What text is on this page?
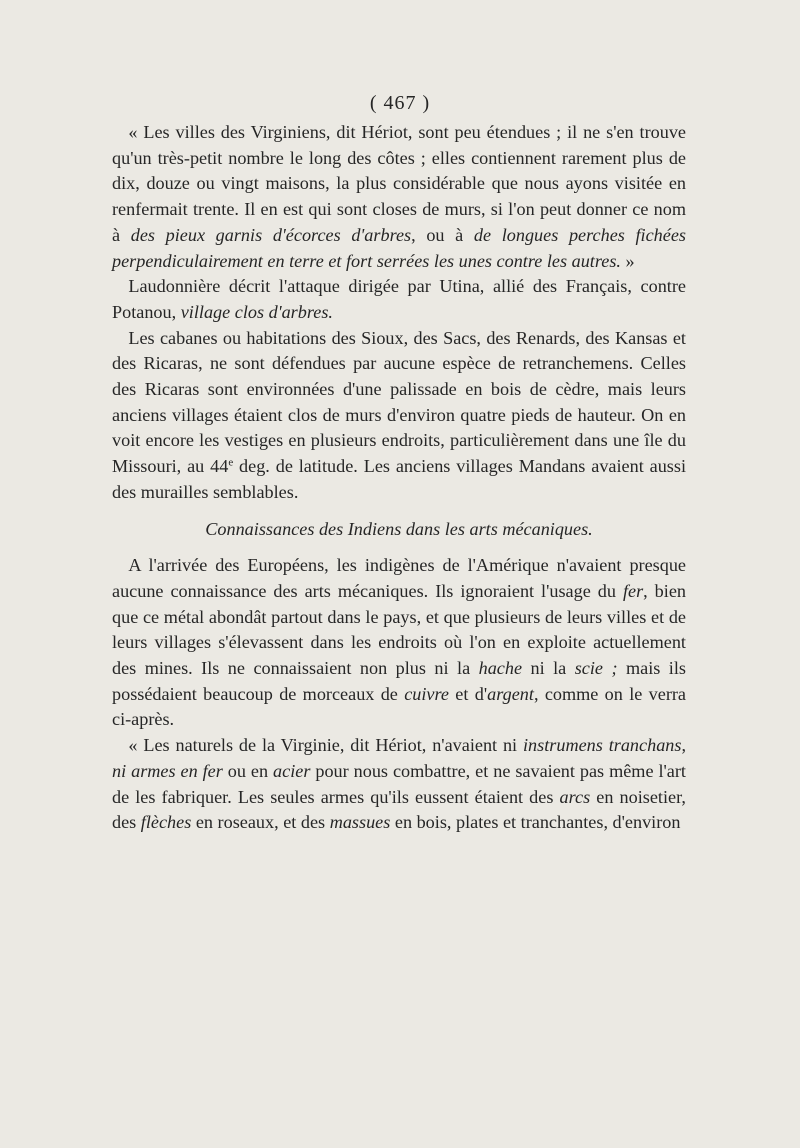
( 467 )

« Les villes des Virginiens, dit Hériot, sont peu étendues ; il ne s'en trouve qu'un très-petit nombre le long des côtes ; elles contiennent rarement plus de dix, douze ou vingt maisons, la plus considérable que nous ayons visitée en renfermait trente. Il en est qui sont closes de murs, si l'on peut donner ce nom à des pieux garnis d'écorces d'arbres, ou à de longues perches fichées perpendiculairement en terre et fort serrées les unes contre les autres. »

Laudonnière décrit l'attaque dirigée par Utina, allié des Français, contre Potanou, village clos d'arbres.

Les cabanes ou habitations des Sioux, des Sacs, des Renards, des Kansas et des Ricaras, ne sont défendues par aucune espèce de retranchemens. Celles des Ricaras sont environnées d'une palissade en bois de cèdre, mais leurs anciens villages étaient clos de murs d'environ quatre pieds de hauteur. On en voit encore les vestiges en plusieurs endroits, particulièrement dans une île du Missouri, au 44e deg. de latitude. Les anciens villages Mandans avaient aussi des murailles semblables.

Connaissances des Indiens dans les arts mécaniques.

A l'arrivée des Européens, les indigènes de l'Amérique n'avaient presque aucune connaissance des arts mécaniques. Ils ignoraient l'usage du fer, bien que ce métal abondât partout dans le pays, et que plusieurs de leurs villes et de leurs villages s'élevassent dans les endroits où l'on en exploite actuellement des mines. Ils ne connaissaient non plus ni la hache ni la scie ; mais ils possédaient beaucoup de morceaux de cuivre et d'argent, comme on le verra ci-après.

« Les naturels de la Virginie, dit Hériot, n'avaient ni instrumens tranchans, ni armes en fer ou en acier pour nous combattre, et ne savaient pas même l'art de les fabriquer. Les seules armes qu'ils eussent étaient des arcs en noisetier, des flèches en roseaux, et des massues en bois, plates et tranchantes, d'environ
